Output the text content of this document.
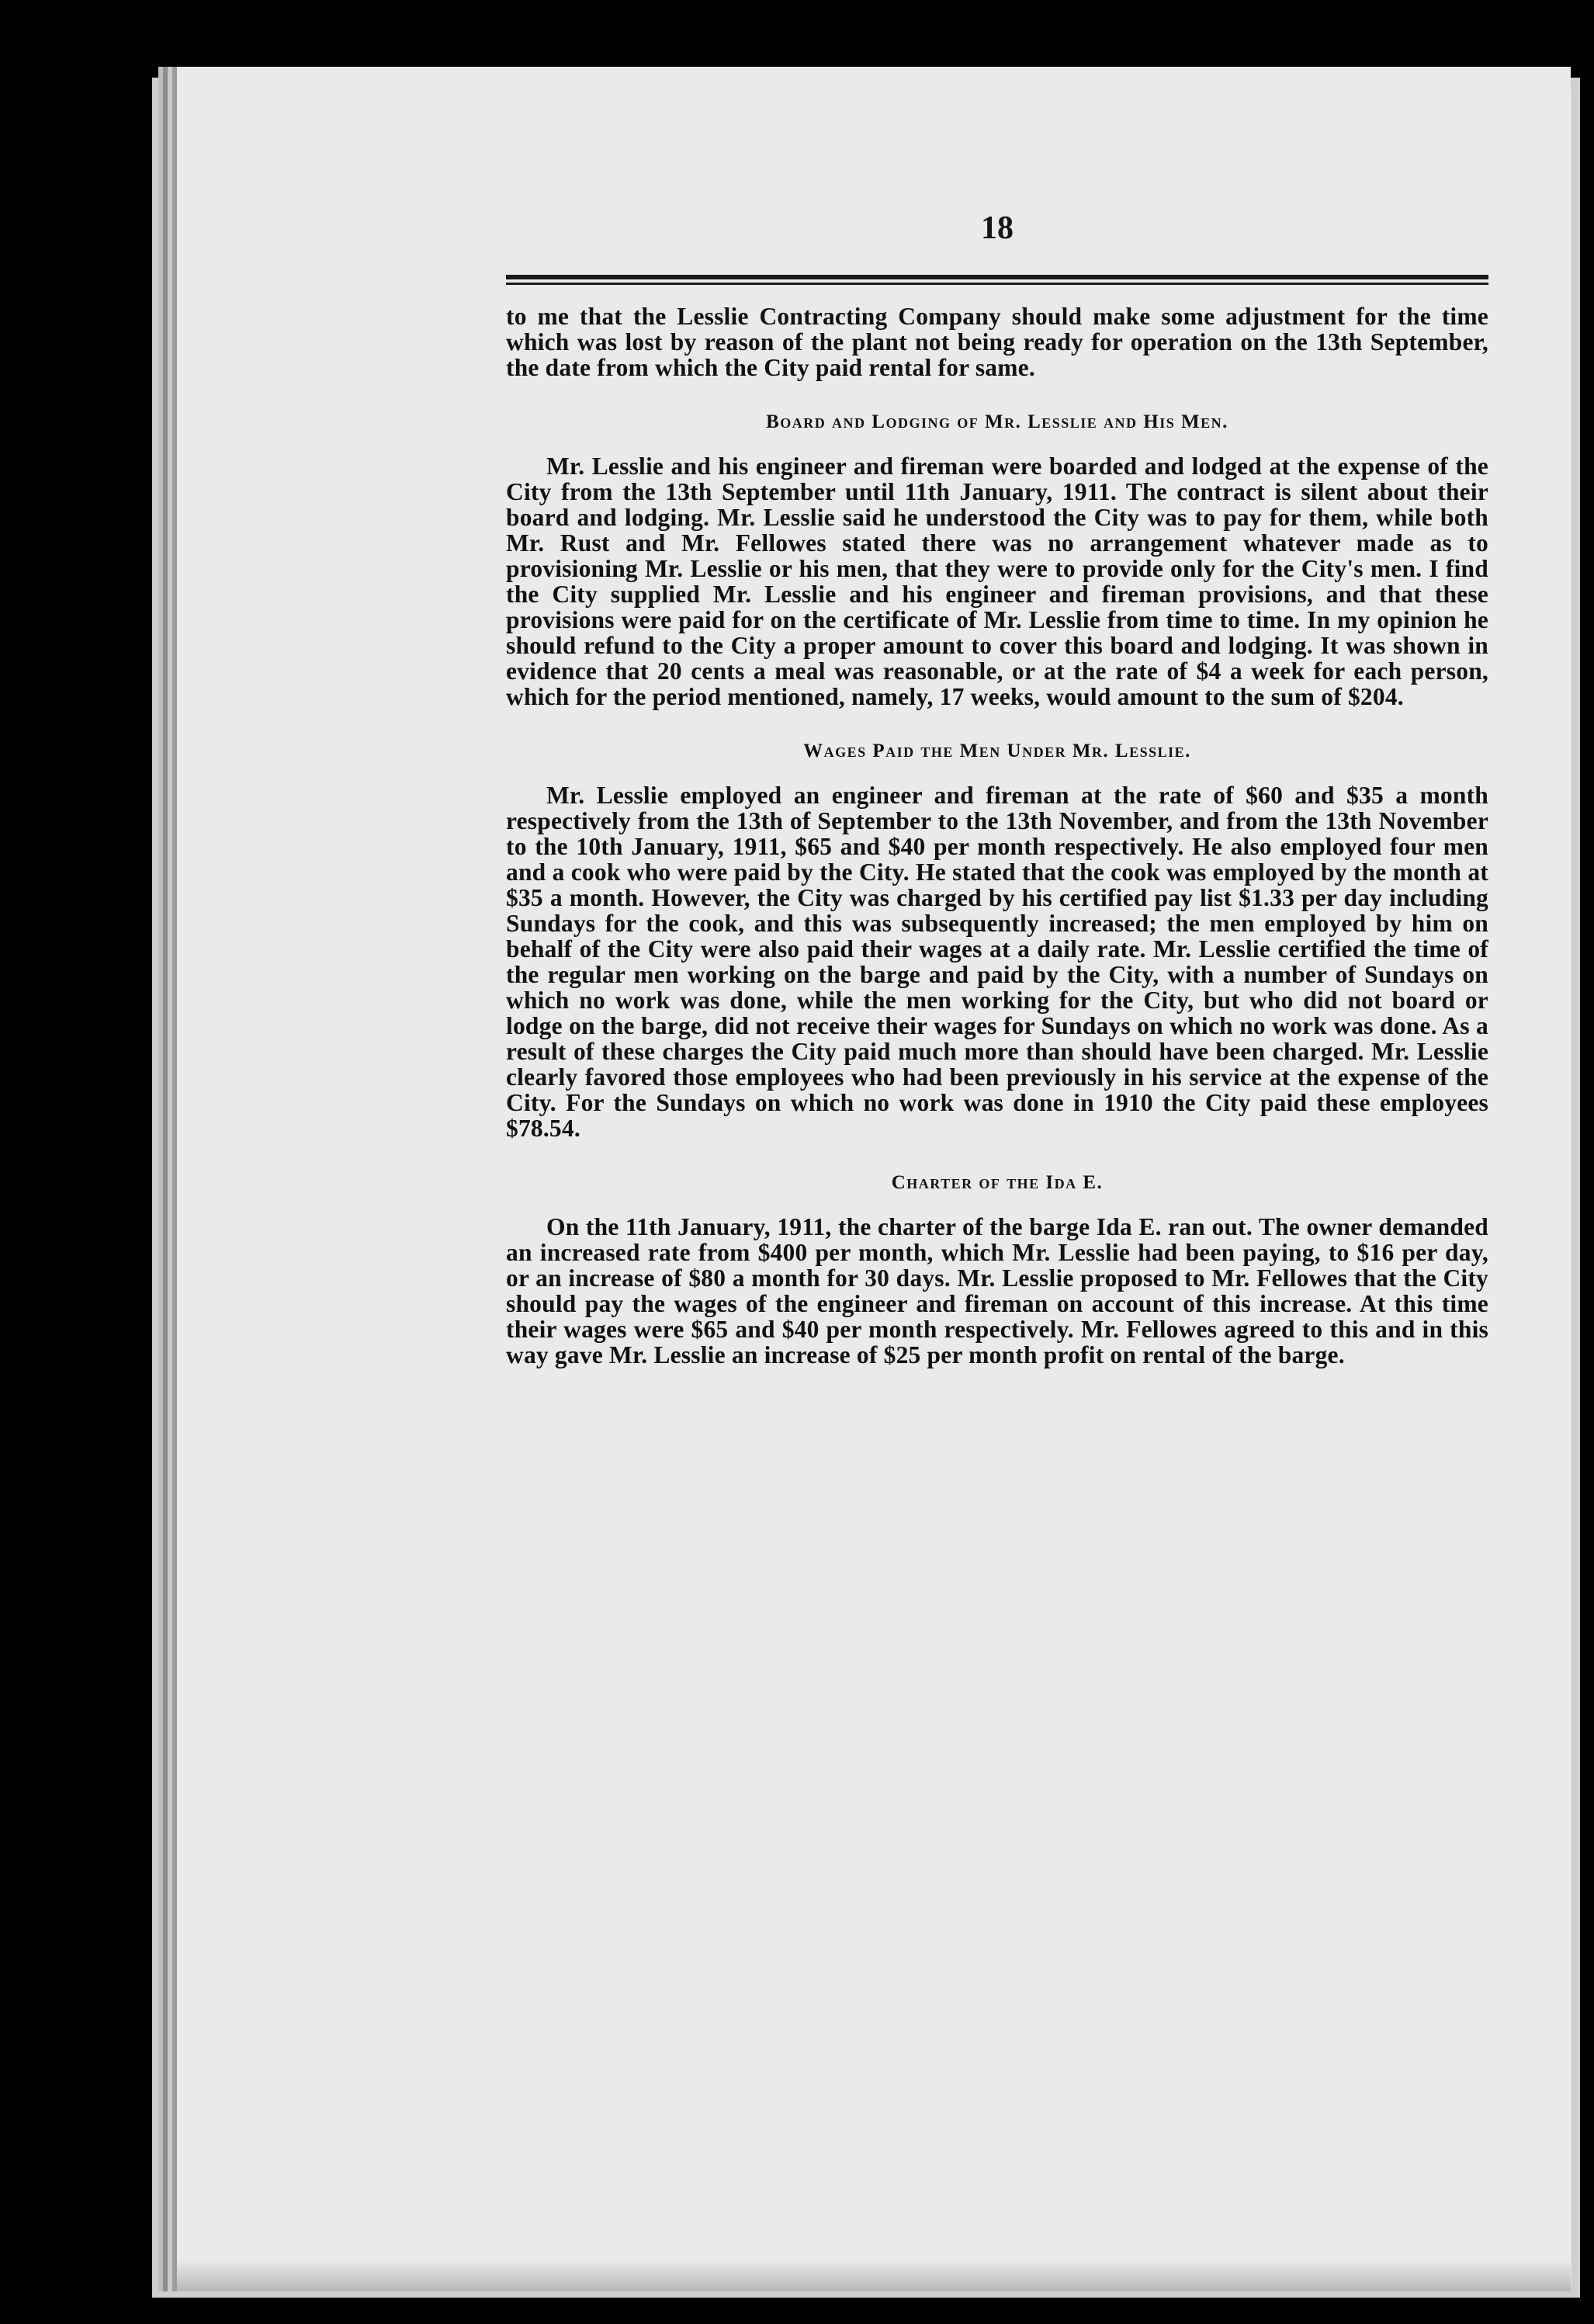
18

to me that the Lesslie Contracting Company should make some adjustment for the time which was lost by reason of the plant not being ready for operation on the 13th September, the date from which the City paid rental for same.

Board and Lodging of Mr. Lesslie and His Men.

Mr. Lesslie and his engineer and fireman were boarded and lodged at the expense of the City from the 13th September until 11th January, 1911. The contract is silent about their board and lodging. Mr. Lesslie said he understood the City was to pay for them, while both Mr. Rust and Mr. Fellowes stated there was no arrangement whatever made as to provisioning Mr. Lesslie or his men, that they were to provide only for the City's men. I find the City supplied Mr. Lesslie and his engineer and fireman provisions, and that these provisions were paid for on the certificate of Mr. Lesslie from time to time. In my opinion he should refund to the City a proper amount to cover this board and lodging. It was shown in evidence that 20 cents a meal was reasonable, or at the rate of $4 a week for each person, which for the period mentioned, namely, 17 weeks, would amount to the sum of $204.

Wages Paid the Men Under Mr. Lesslie.

Mr. Lesslie employed an engineer and fireman at the rate of $60 and $35 a month respectively from the 13th of September to the 13th November, and from the 13th November to the 10th January, 1911, $65 and $40 per month respectively. He also employed four men and a cook who were paid by the City. He stated that the cook was employed by the month at $35 a month. However, the City was charged by his certified pay list $1.33 per day including Sundays for the cook, and this was subsequently increased; the men employed by him on behalf of the City were also paid their wages at a daily rate. Mr. Lesslie certified the time of the regular men working on the barge and paid by the City, with a number of Sundays on which no work was done, while the men working for the City, but who did not board or lodge on the barge, did not receive their wages for Sundays on which no work was done. As a result of these charges the City paid much more than should have been charged. Mr. Lesslie clearly favored those employees who had been previously in his service at the expense of the City. For the Sundays on which no work was done in 1910 the City paid these employees $78.54.

Charter of the Ida E.

On the 11th January, 1911, the charter of the barge Ida E. ran out. The owner demanded an increased rate from $400 per month, which Mr. Lesslie had been paying, to $16 per day, or an increase of $80 a month for 30 days. Mr. Lesslie proposed to Mr. Fellowes that the City should pay the wages of the engineer and fireman on account of this increase. At this time their wages were $65 and $40 per month respectively. Mr. Fellowes agreed to this and in this way gave Mr. Lesslie an increase of $25 per month profit on rental of the barge.
